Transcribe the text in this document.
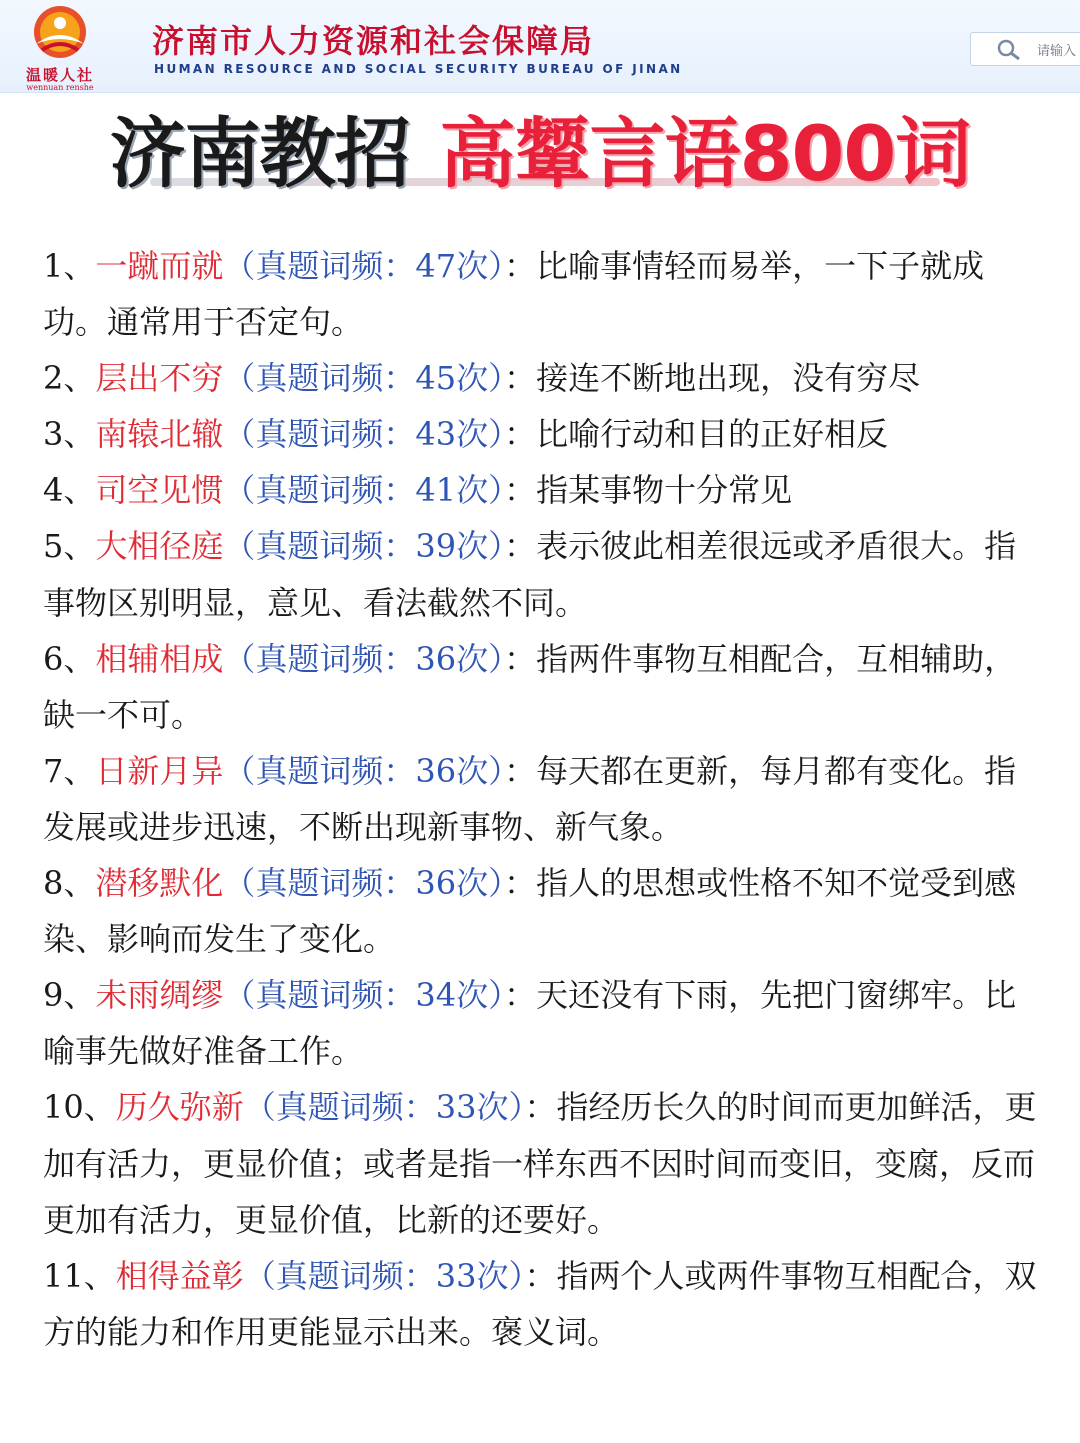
温暖人社
wennuan renshe
济南市人力资源和社会保障局
HUMAN RESOURCE AND SOCIAL SECURITY BUREAU OF JINAN
请输入
济南教招 高颦言语800词

1、一蹴而就（真题词频：47次）：比喻事情轻而易举，一下子就成功。通常用于否定句。

2、层出不穷（真题词频：45次）：接连不断地出现，没有穷尽

3、南辕北辙（真题词频：43次）：比喻行动和目的正好相反

4、司空见惯（真题词频：41次）：指某事物十分常见

5、大相径庭（真题词频：39次）：表示彼此相差很远或矛盾很大。指事物区别明显，意见、看法截然不同。

6、相辅相成（真题词频：36次）：指两件事物互相配合，互相辅助，缺一不可。

7、日新月异（真题词频：36次）：每天都在更新，每月都有变化。指发展或进步迅速，不断出现新事物、新气象。

8、潜移默化（真题词频：36次）：指人的思想或性格不知不觉受到感染、影响而发生了变化。

9、未雨绸缪（真题词频：34次）：天还没有下雨，先把门窗绑牢。比喻事先做好准备工作。

10、历久弥新（真题词频：33次）：指经历长久的时间而更加鲜活，更加有活力，更显价值；或者是指一样东西不因时间而变旧，变腐，反而更加有活力，更显价值，比新的还要好。

11、相得益彰（真题词频：33次）：指两个人或两件事物互相配合，双方的能力和作用更能显示出来。褒义词。
